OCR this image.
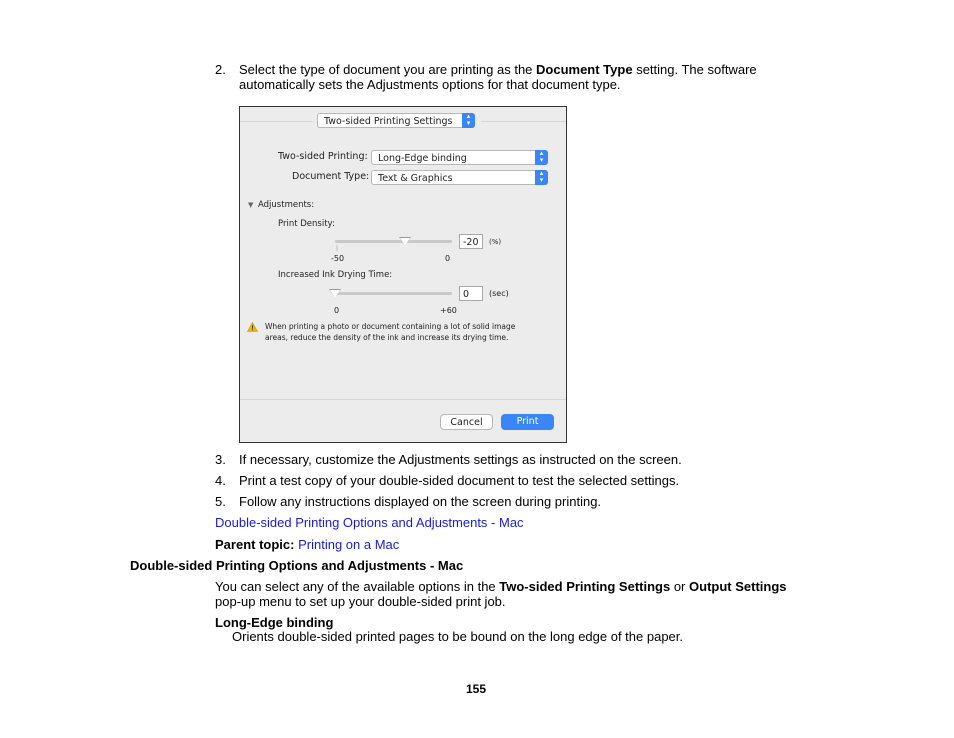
2. Select the type of document you are printing as the Document Type setting. The software
automatically sets the Adjustments options for that document type.
Two-sided Printing Settings	▴
▾
Two-sided Printing:	Long-Edge binding	▴
▾
Document Type: Text & Graphics	▴
▾
▼ Adjustments:
Print Density:
|
-20	(%)
-50	0
Increased Ink Drying Time:
0	(sec)
0	+60
When printing a photo or document containing a lot of solid image
areas, reduce the density of the ink and increase its drying time.
Cancel	Print
3. If necessary, customize the Adjustments settings as instructed on the screen.
4. Print a test copy of your double-sided document to test the selected settings.
5. Follow any instructions displayed on the screen during printing.
Double-sided Printing Options and Adjustments - Mac
Parent topic: Printing on a Mac
Double-sided Printing Options and Adjustments - Mac
You can select any of the available options in the Two-sided Printing Settings or Output Settings
pop-up menu to set up your double-sided print job.
Long-Edge binding
Orients double-sided printed pages to be bound on the long edge of the paper.
155
